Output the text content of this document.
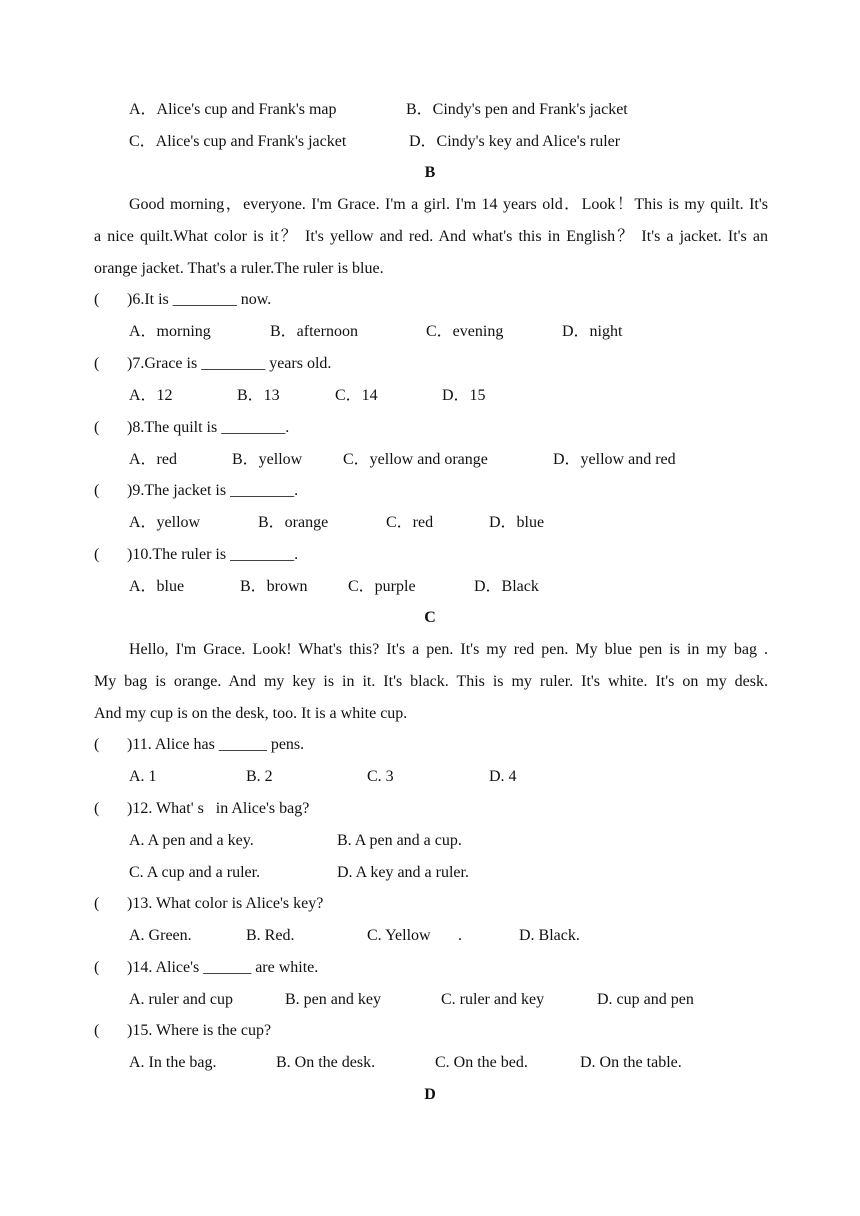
A．Alice's cup and Frank's map	B．Cindy's pen and Frank's jacket
C．Alice's cup and Frank's jacket	D．Cindy's key and Alice's ruler
B
Good morning，everyone. I'm Grace. I'm a girl. I'm 14 years old．Look！This is my quilt. It's
a nice quilt.What color is it？ It's yellow and red. And what's this in English？ It's a jacket. It's an
orange jacket. That's a ruler.The ruler is blue.
( )6.It is ________ now.
A．morning	B．afternoon	C．evening	D．night
( )7.Grace is ________ years old.
A．12	B．13	C．14	D．15
( )8.The quilt is ________.
A．red	B．yellow	C．yellow and orange	D．yellow and red
( )9.The jacket is ________.
A．yellow	B．orange	C．red	D．blue
( )10.The ruler is ________.
A．blue	B．brown	C．purple	D．Black
C
Hello, I'm Grace. Look! What's this? It's a pen. It's my red pen. My blue pen is in my bag .
My bag is orange. And my key is in it. It's black. This is my ruler. It's white. It's on my desk.
And my cup is on the desk, too. It is a white cup.
( )11. Alice has ______ pens.
A. 1	B. 2	C. 3	D. 4
( )12. What' s   in Alice's bag?
A. A pen and a key.	B. A pen and a cup.
C. A cup and a ruler.	D. A key and a ruler.
( )13. What color is Alice's key?
A. Green.	B. Red.	C. Yellow .	D. Black.
( )14. Alice's ______ are white.
A. ruler and cup	B. pen and key	C. ruler and key	D. cup and pen
( )15. Where is the cup?
A. In the bag.	B. On the desk.	C. On the bed.	D. On the table.
D
